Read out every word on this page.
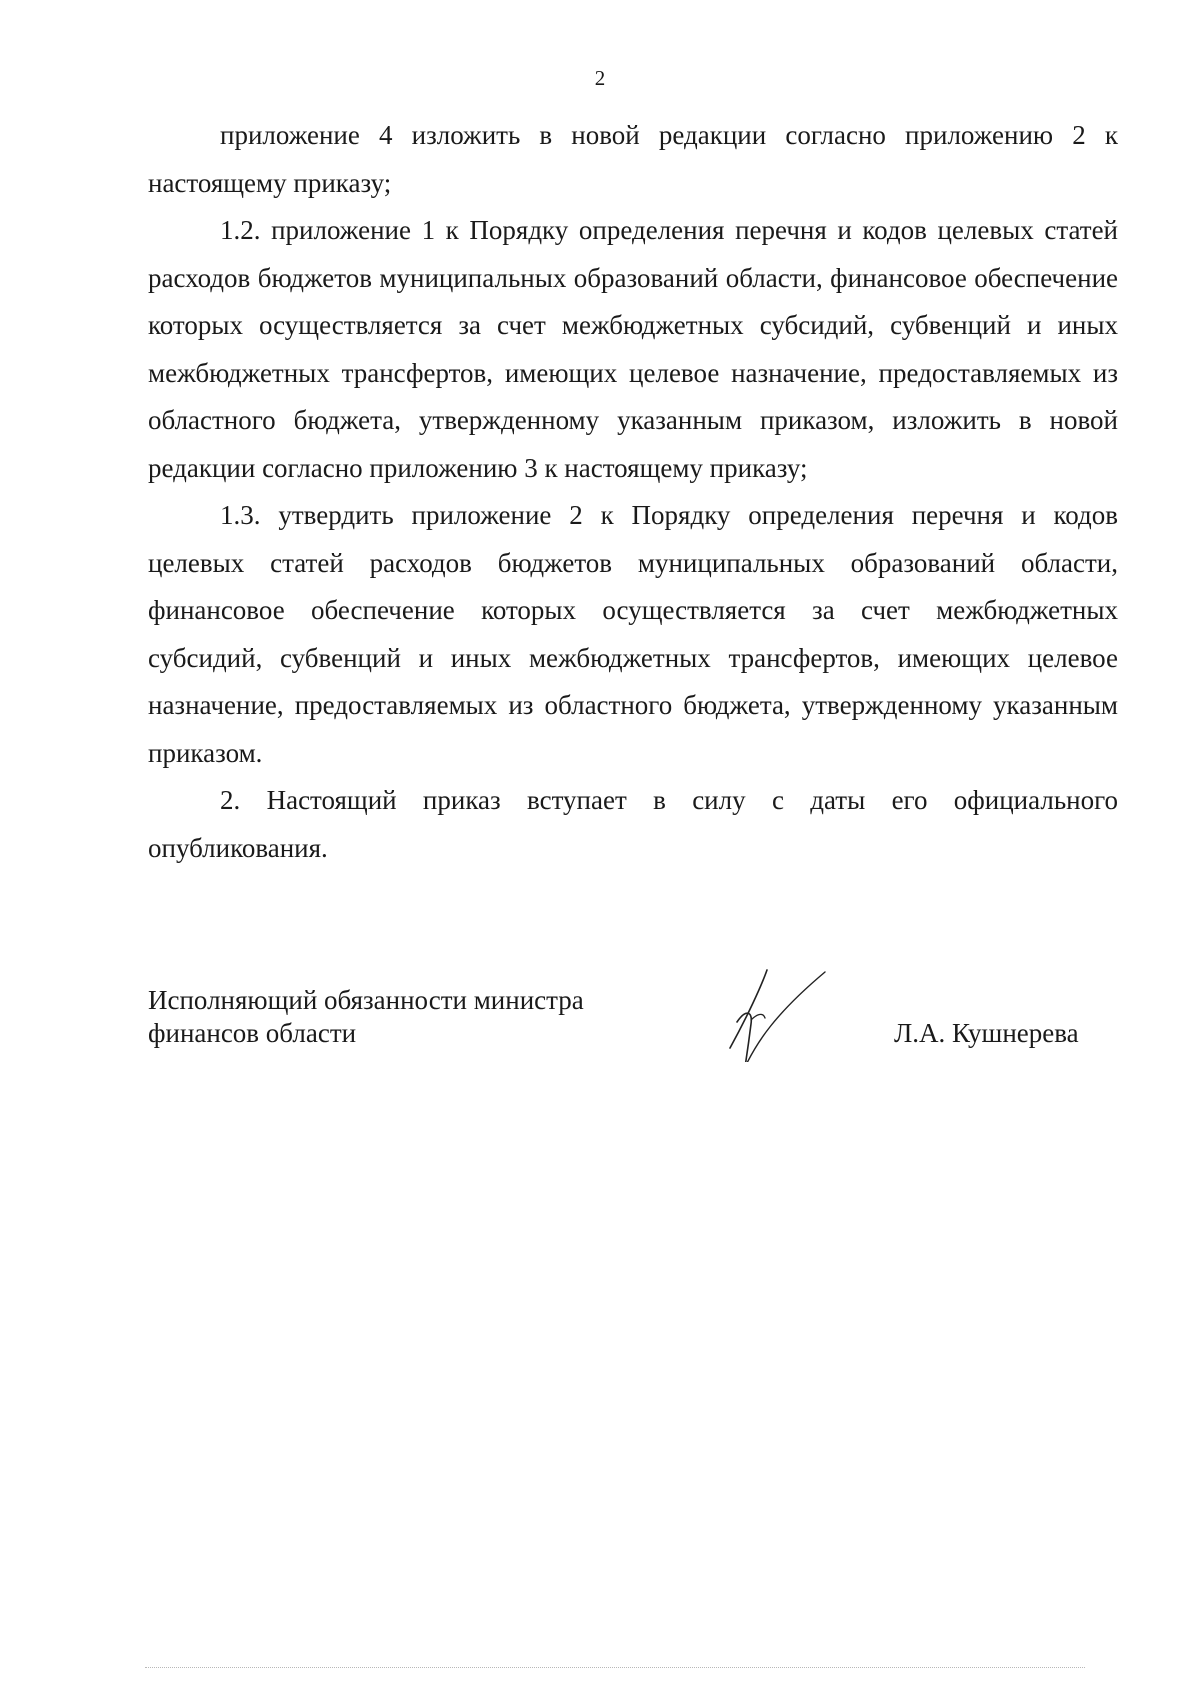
2

приложение 4 изложить в новой редакции согласно приложению 2 к настоящему приказу;

1.2. приложение 1 к Порядку определения перечня и кодов целевых статей расходов бюджетов муниципальных образований области, финансовое обеспечение которых осуществляется за счет межбюджетных субсидий, субвенций и иных межбюджетных трансфертов, имеющих целевое назначение, предоставляемых из областного бюджета, утвержденному указанным приказом, изложить в новой редакции согласно приложению 3 к настоящему приказу;

1.3. утвердить приложение 2 к Порядку определения перечня и кодов целевых статей расходов бюджетов муниципальных образований области, финансовое обеспечение которых осуществляется за счет межбюджетных субсидий, субвенций и иных межбюджетных трансфертов, имеющих целевое назначение, предоставляемых из областного бюджета, утвержденному указанным приказом.

2. Настоящий приказ вступает в силу с даты его официального опубликования.

Исполняющий обязанности министра
финансов области	Л.А. Кушнерева
